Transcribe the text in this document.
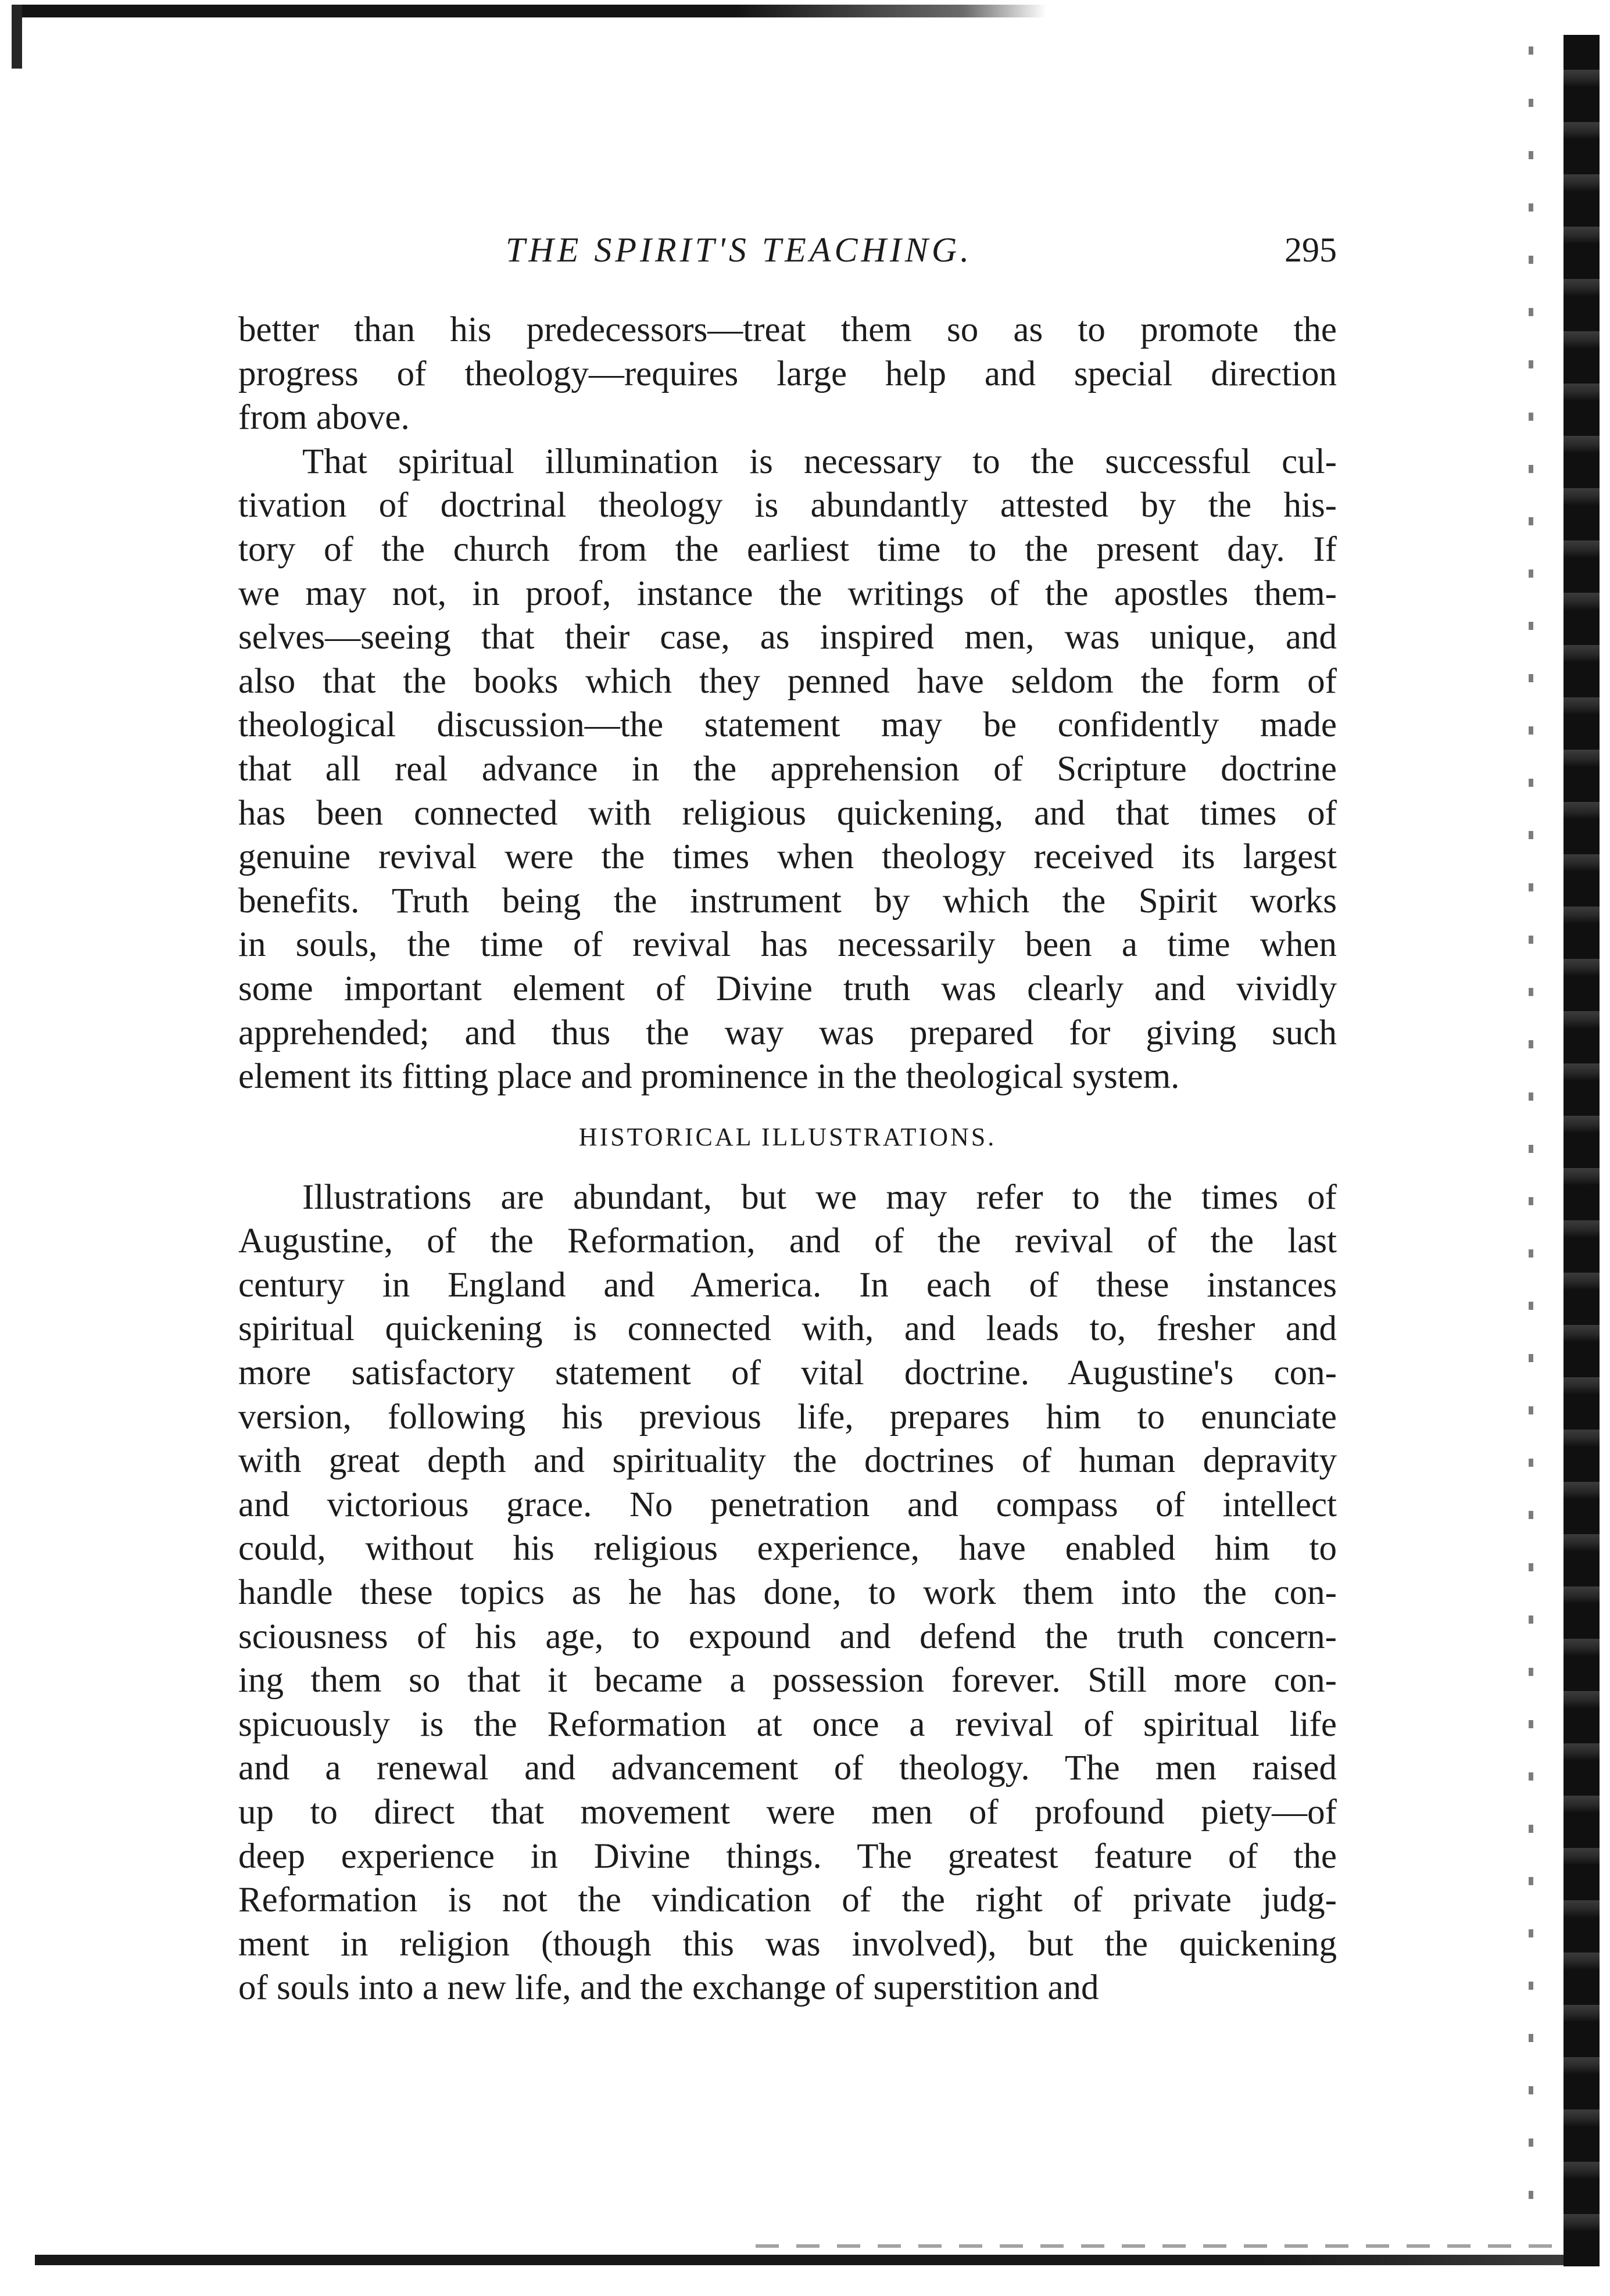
THE SPIRIT'S TEACHING.	295
better than his predecessors—treat them so as to promote the
progress of theology—requires large help and special direction
from above.
That spiritual illumination is necessary to the successful cul-
tivation of doctrinal theology is abundantly attested by the his-
tory of the church from the earliest time to the present day. If
we may not, in proof, instance the writings of the apostles them-
selves—seeing that their case, as inspired men, was unique, and
also that the books which they penned have seldom the form of
theological discussion—the statement may be confidently made
that all real advance in the apprehension of Scripture doctrine
has been connected with religious quickening, and that times of
genuine revival were the times when theology received its largest
benefits. Truth being the instrument by which the Spirit works
in souls, the time of revival has necessarily been a time when
some important element of Divine truth was clearly and vividly
apprehended; and thus the way was prepared for giving such
element its fitting place and prominence in the theological system.
HISTORICAL ILLUSTRATIONS.
Illustrations are abundant, but we may refer to the times of
Augustine, of the Reformation, and of the revival of the last
century in England and America. In each of these instances
spiritual quickening is connected with, and leads to, fresher and
more satisfactory statement of vital doctrine. Augustine's con-
version, following his previous life, prepares him to enunciate
with great depth and spirituality the doctrines of human depravity
and victorious grace. No penetration and compass of intellect
could, without his religious experience, have enabled him to
handle these topics as he has done, to work them into the con-
sciousness of his age, to expound and defend the truth concern-
ing them so that it became a possession forever. Still more con-
spicuously is the Reformation at once a revival of spiritual life
and a renewal and advancement of theology. The men raised
up to direct that movement were men of profound piety—of
deep experience in Divine things. The greatest feature of the
Reformation is not the vindication of the right of private judg-
ment in religion (though this was involved), but the quickening
of souls into a new life, and the exchange of superstition and
